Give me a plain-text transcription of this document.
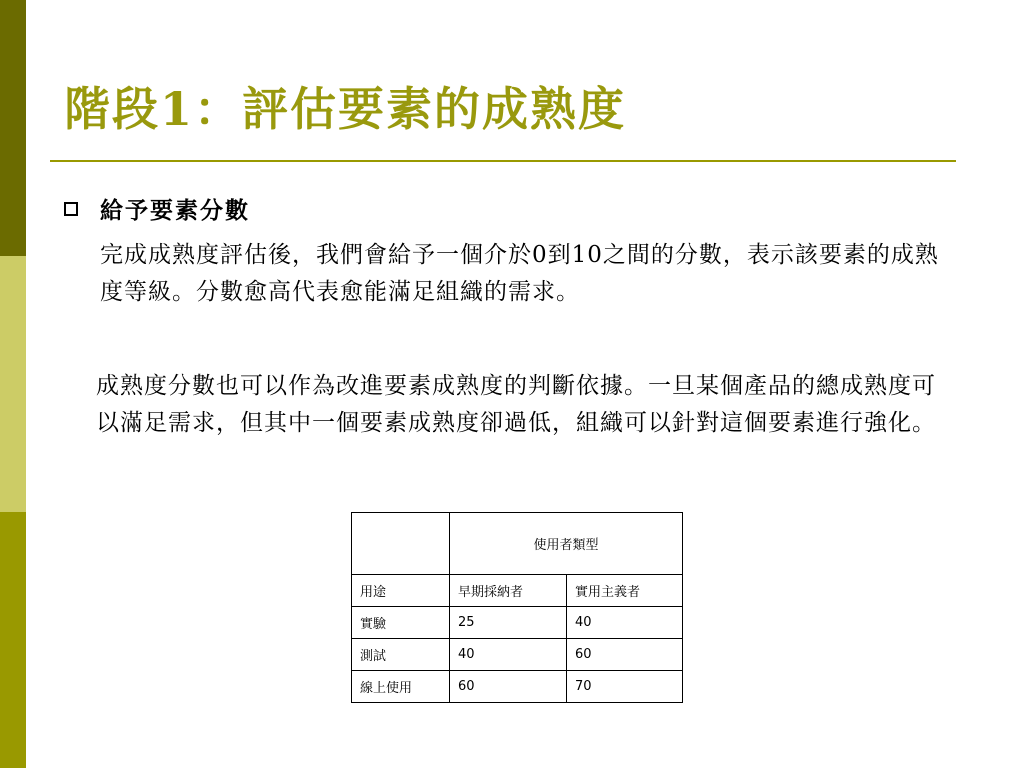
階段1：評估要素的成熟度
給予要素分數
完成成熟度評估後，我們會給予一個介於0到10之間的分數，表示該要素的成熟度等級。分數愈高代表愈能滿足組織的需求。
成熟度分數也可以作為改進要素成熟度的判斷依據。一旦某個產品的總成熟度可以滿足需求，但其中一個要素成熟度卻過低，組織可以針對這個要素進行強化。
	使用者類型	
用途	早期採納者	實用主義者
實驗	25	40
測試	40	60
線上使用	60	70
